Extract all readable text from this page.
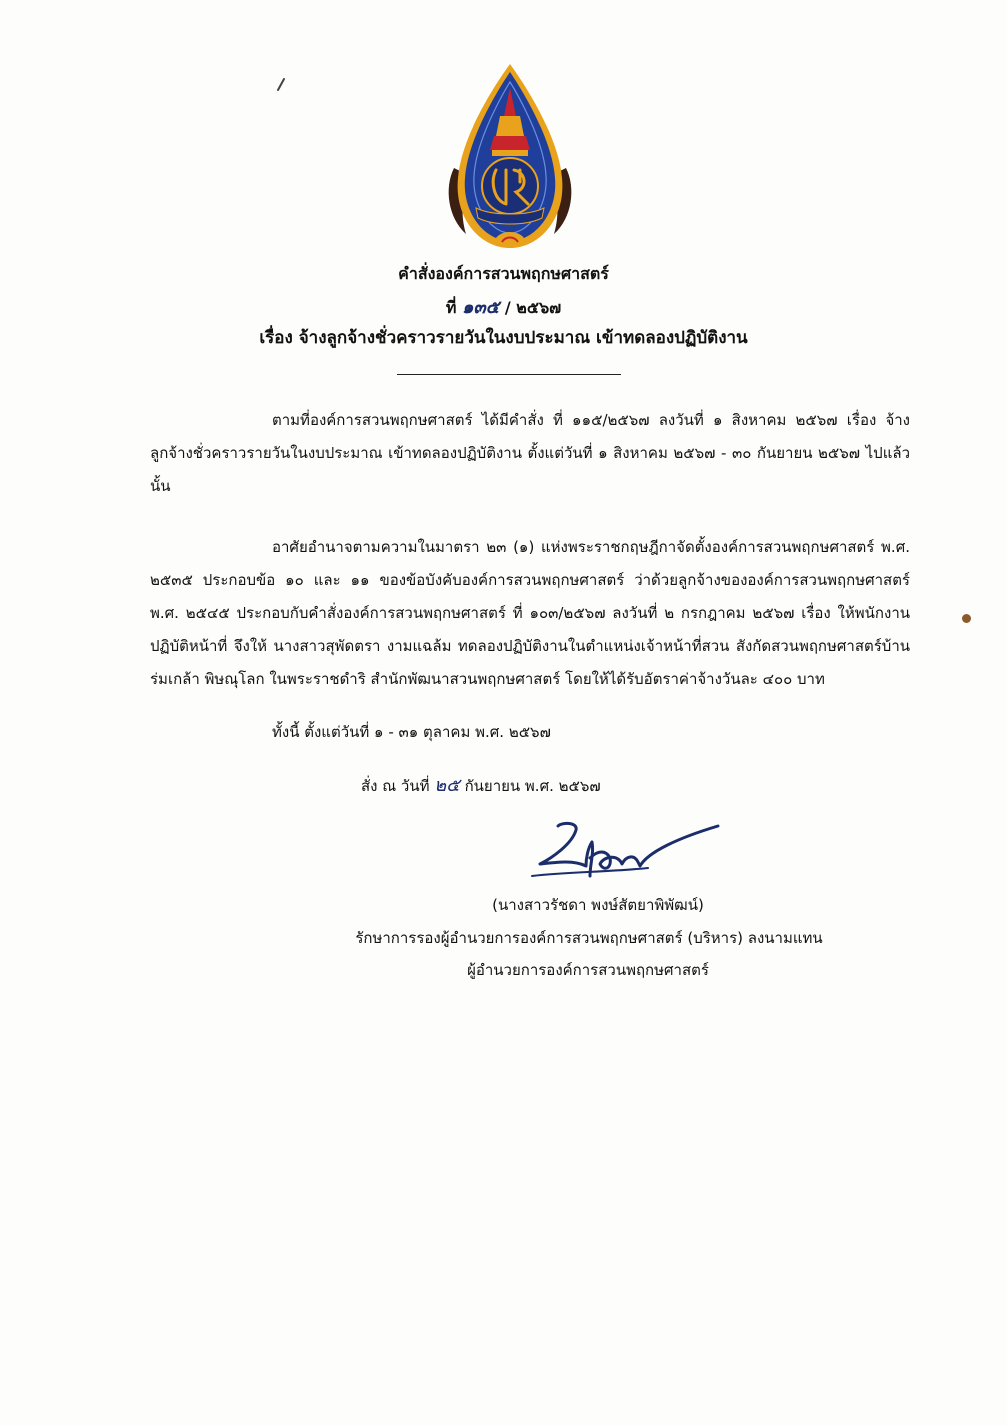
คำสั่งองค์การสวนพฤกษศาสตร์
ที่ ๑๓๕ / ๒๕๖๗
เรื่อง จ้างลูกจ้างชั่วคราวรายวันในงบประมาณ เข้าทดลองปฏิบัติงาน
ตามที่องค์การสวนพฤกษศาสตร์ ได้มีคำสั่ง ที่ ๑๑๕/๒๕๖๗ ลงวันที่ ๑ สิงหาคม ๒๕๖๗ เรื่อง จ้างลูกจ้างชั่วคราวรายวันในงบประมาณ เข้าทดลองปฏิบัติงาน ตั้งแต่วันที่ ๑ สิงหาคม ๒๕๖๗ - ๓๐ กันยายน ๒๕๖๗ ไปแล้ว นั้น
อาศัยอำนาจตามความในมาตรา ๒๓ (๑) แห่งพระราชกฤษฎีกาจัดตั้งองค์การสวนพฤกษศาสตร์ พ.ศ. ๒๕๓๕ ประกอบข้อ ๑๐ และ ๑๑ ของข้อบังคับองค์การสวนพฤกษศาสตร์ ว่าด้วยลูกจ้างขององค์การสวนพฤกษศาสตร์ พ.ศ. ๒๕๔๕ ประกอบกับคำสั่งองค์การสวนพฤกษศาสตร์ ที่ ๑๐๓/๒๕๖๗ ลงวันที่ ๒ กรกฎาคม ๒๕๖๗ เรื่อง ให้พนักงานปฏิบัติหน้าที่ จึงให้ นางสาวสุพัดตรา งามแฉล้ม ทดลองปฏิบัติงานในตำแหน่งเจ้าหน้าที่สวน สังกัดสวนพฤกษศาสตร์บ้านร่มเกล้า พิษณุโลก ในพระราชดำริ สำนักพัฒนาสวนพฤกษศาสตร์ โดยให้ได้รับอัตราค่าจ้างวันละ ๔๐๐ บาท
ทั้งนี้ ตั้งแต่วันที่ ๑ - ๓๑ ตุลาคม พ.ศ. ๒๕๖๗
สั่ง ณ วันที่ ๒๕ กันยายน พ.ศ. ๒๕๖๗
(นางสาวรัชดา พงษ์สัตยาพิพัฒน์)
รักษาการรองผู้อำนวยการองค์การสวนพฤกษศาสตร์ (บริหาร) ลงนามแทน
ผู้อำนวยการองค์การสวนพฤกษศาสตร์
